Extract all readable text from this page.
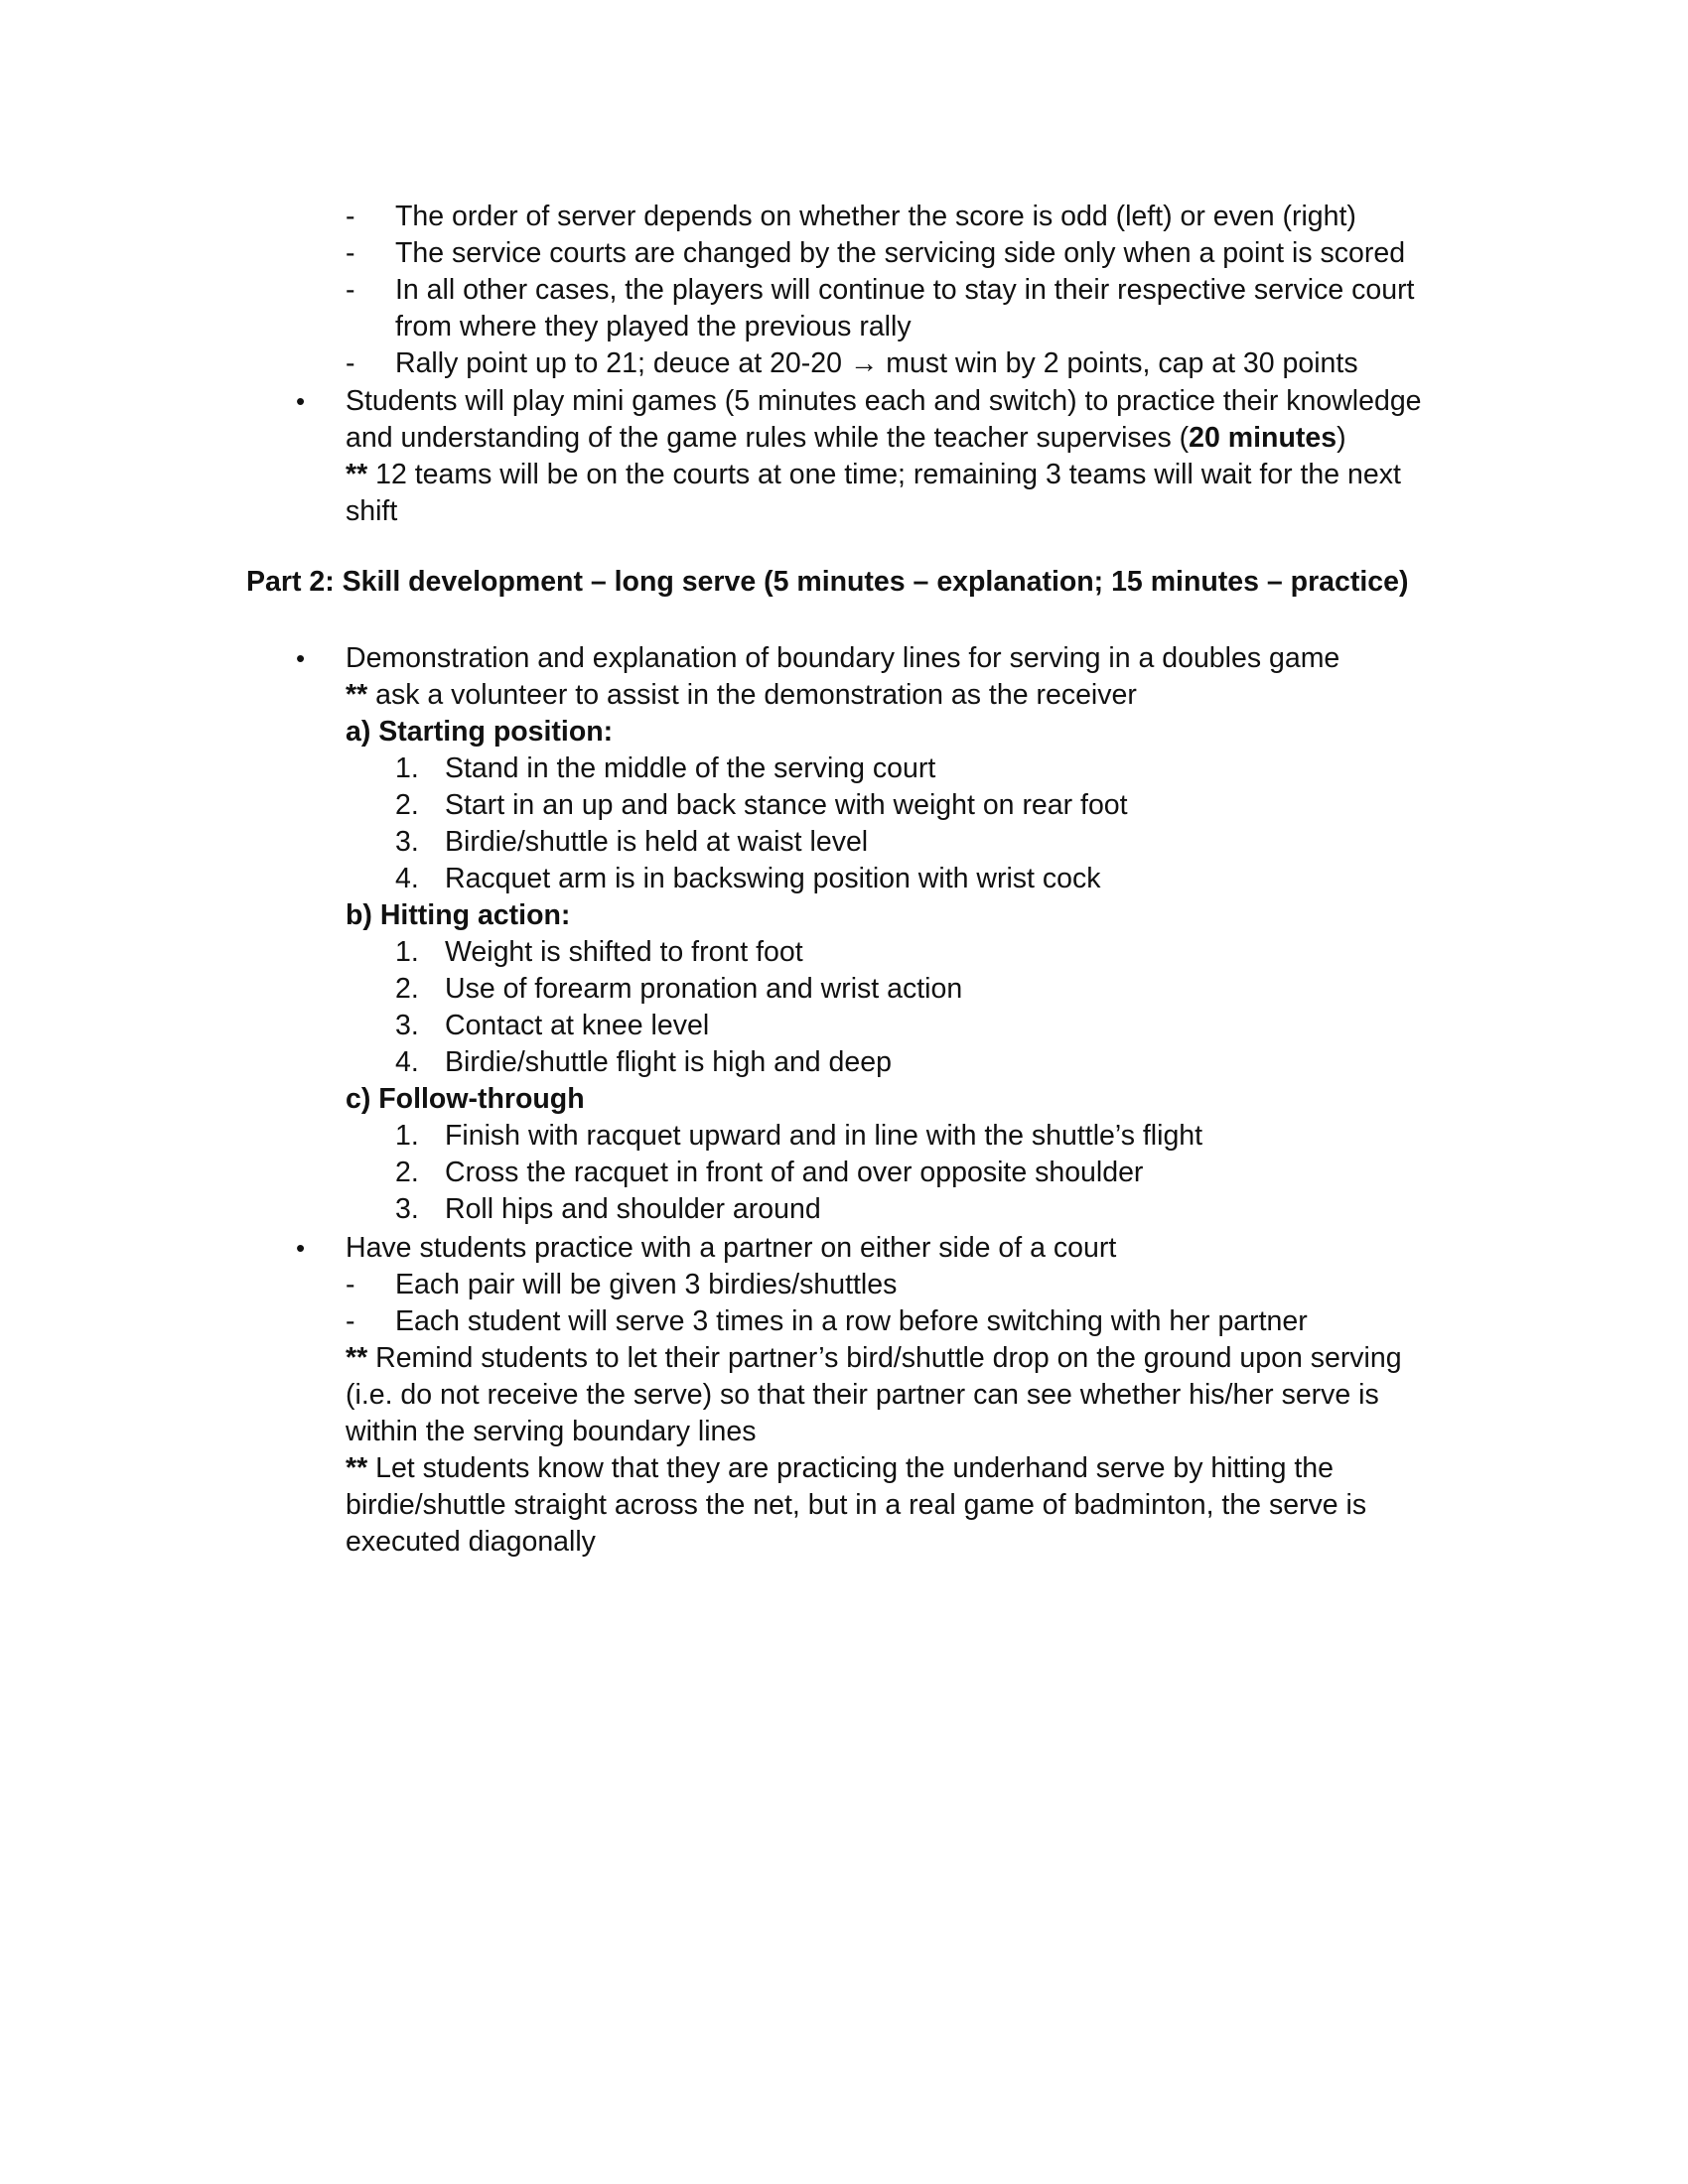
- The order of server depends on whether the score is odd (left) or even (right)
- The service courts are changed by the servicing side only when a point is scored
- In all other cases, the players will continue to stay in their respective service court
from where they played the previous rally
- Rally point up to 21; deuce at 20-20 → must win by 2 points, cap at 30 points
• Students will play mini games (5 minutes each and switch) to practice their knowledge
and understanding of the game rules while the teacher supervises (20 minutes)
** 12 teams will be on the courts at one time; remaining 3 teams will wait for the next
shift
Part 2: Skill development – long serve (5 minutes – explanation; 15 minutes – practice)
• Demonstration and explanation of boundary lines for serving in a doubles game
** ask a volunteer to assist in the demonstration as the receiver
a) Starting position:
1. Stand in the middle of the serving court
2. Start in an up and back stance with weight on rear foot
3. Birdie/shuttle is held at waist level
4. Racquet arm is in backswing position with wrist cock
b) Hitting action:
1. Weight is shifted to front foot
2. Use of forearm pronation and wrist action
3. Contact at knee level
4. Birdie/shuttle flight is high and deep
c) Follow-through
1. Finish with racquet upward and in line with the shuttle’s flight
2. Cross the racquet in front of and over opposite shoulder
3. Roll hips and shoulder around
• Have students practice with a partner on either side of a court
- Each pair will be given 3 birdies/shuttles
- Each student will serve 3 times in a row before switching with her partner
** Remind students to let their partner’s bird/shuttle drop on the ground upon serving
(i.e. do not receive the serve) so that their partner can see whether his/her serve is
within the serving boundary lines
** Let students know that they are practicing the underhand serve by hitting the
birdie/shuttle straight across the net, but in a real game of badminton, the serve is
executed diagonally
